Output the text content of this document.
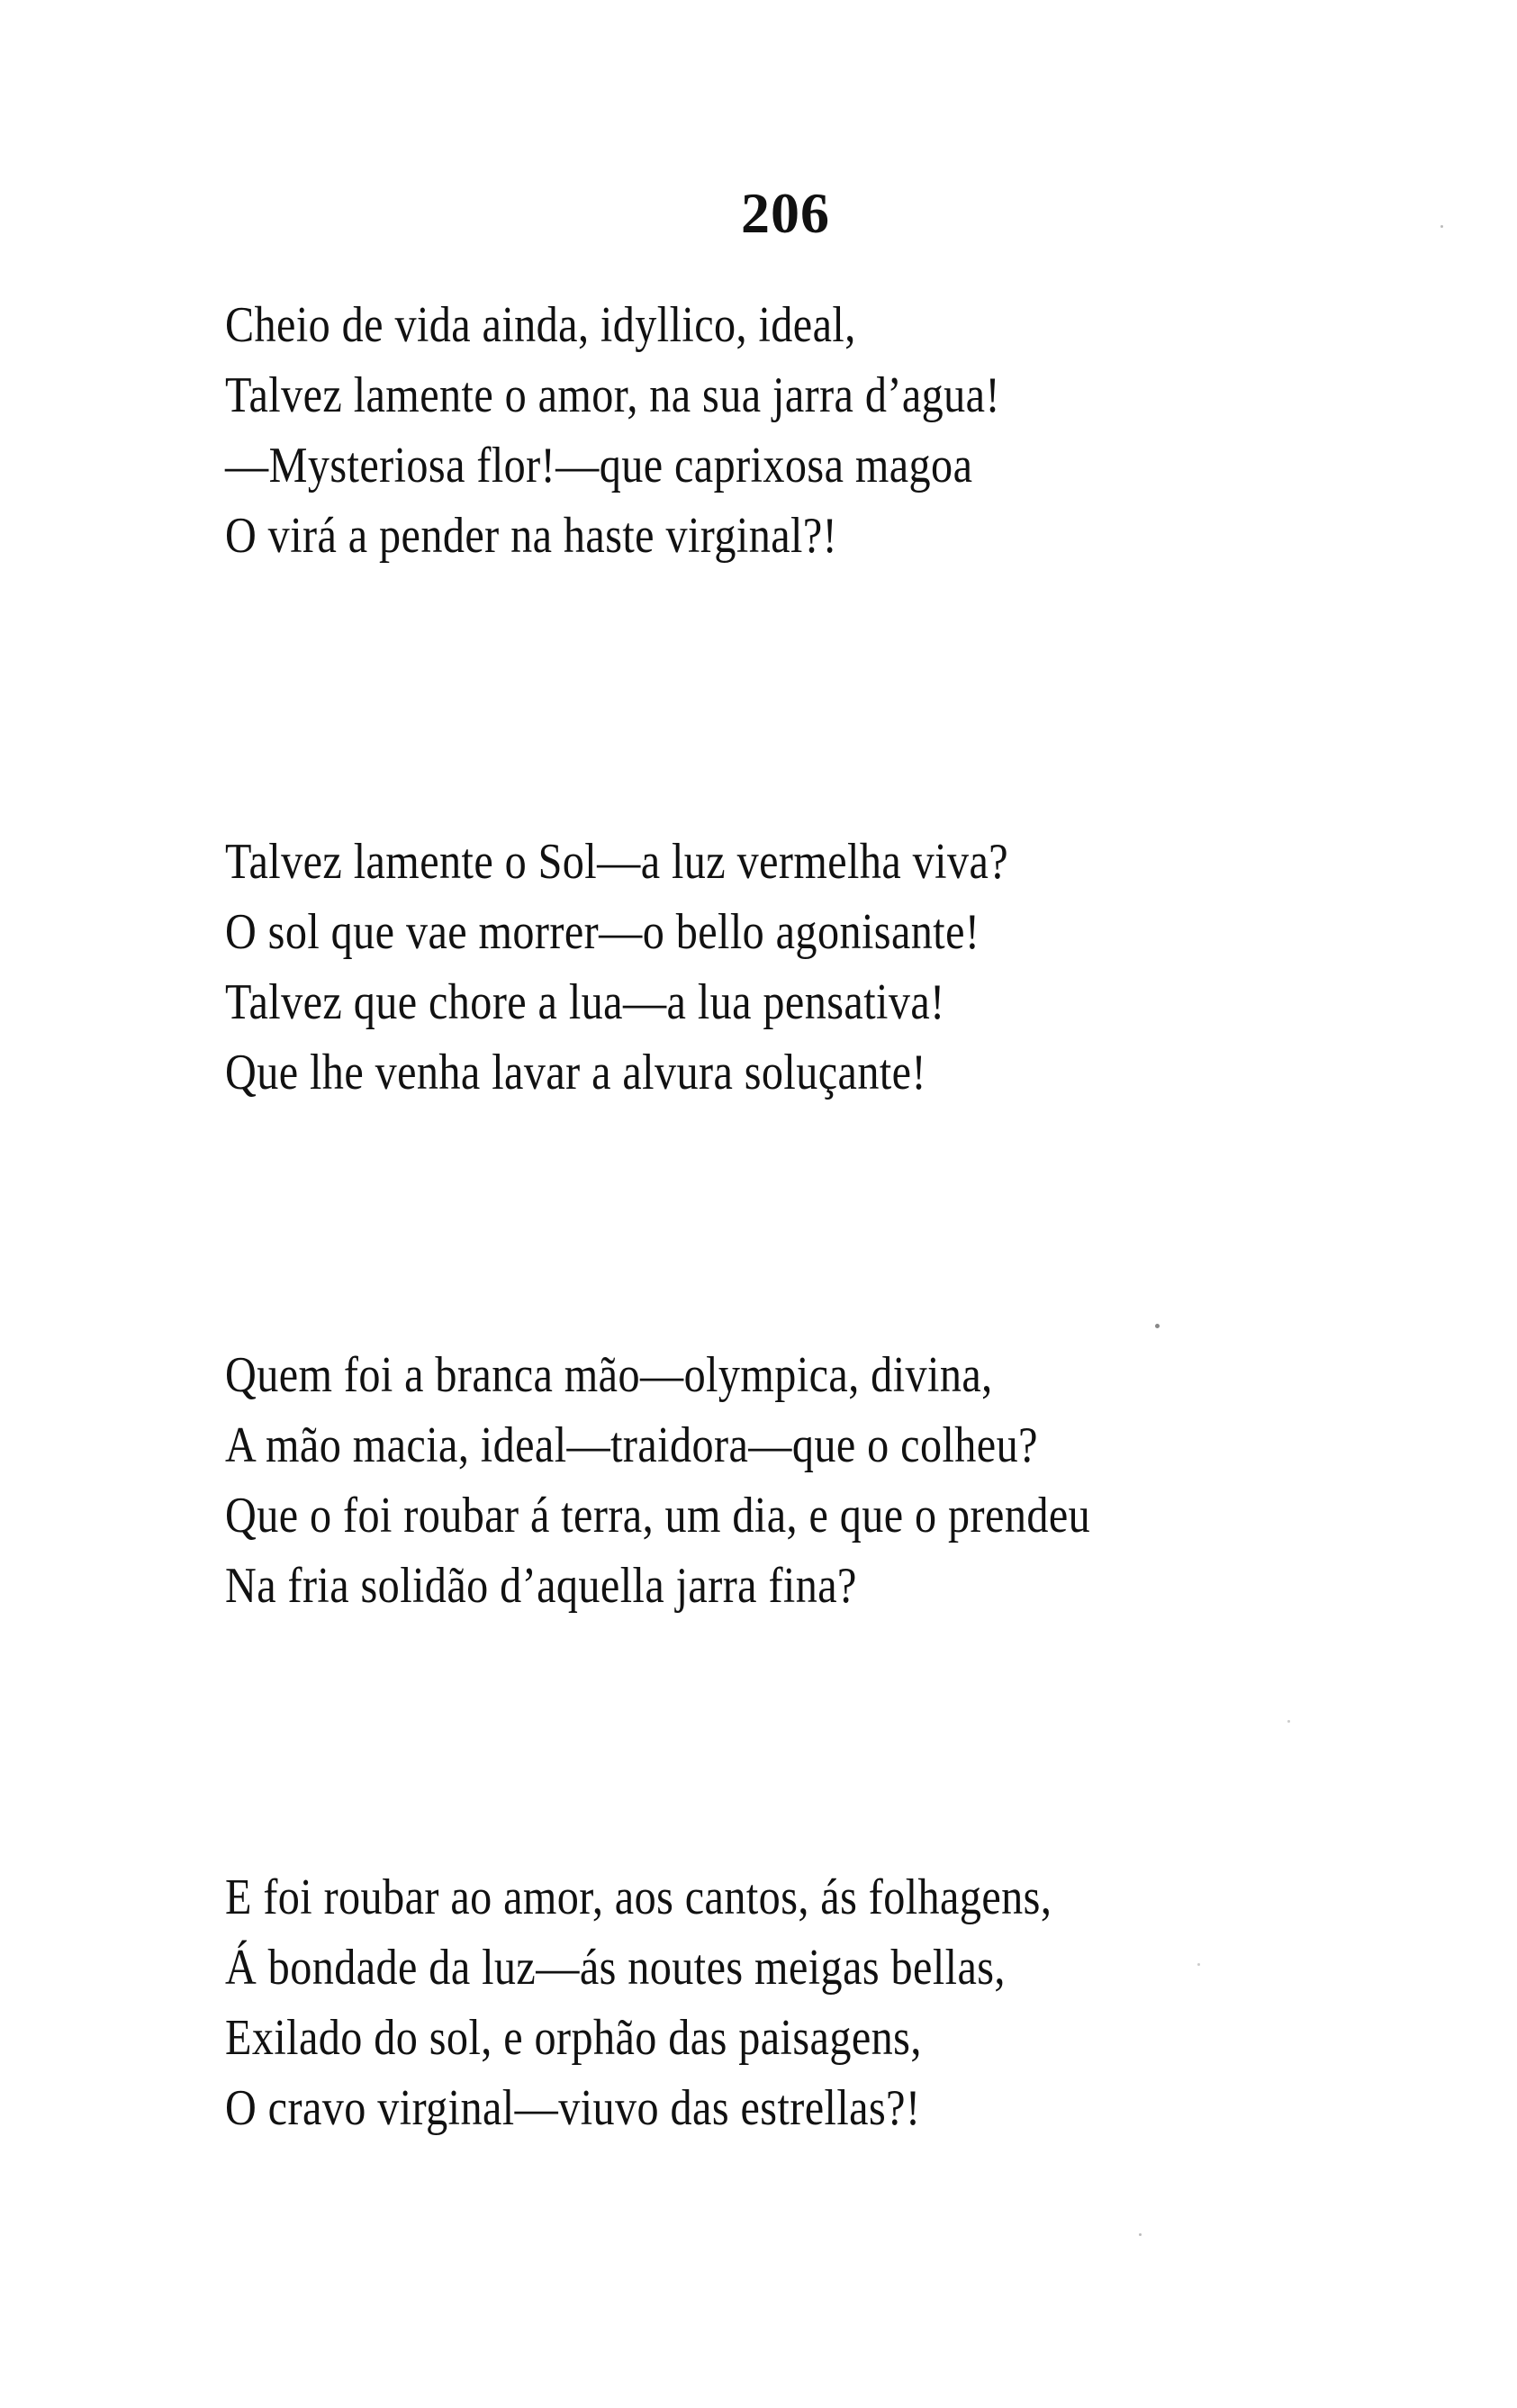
206
Cheio de vida ainda, idyllico, ideal,
Talvez lamente o amor, na sua jarra d’agua!
—Mysteriosa flor!—que caprixosa magoa
O virá a pender na haste virginal?!
Talvez lamente o Sol—a luz vermelha viva?
O sol que vae morrer—o bello agonisante!
Talvez que chore a lua—a lua pensativa!
Que lhe venha lavar a alvura soluçante!
Quem foi a branca mão—olympica, divina,
A mão macia, ideal—traidora—que o colheu?
Que o foi roubar á terra, um dia, e que o prendeu
Na fria solidão d’aquella jarra fina?
E foi roubar ao amor, aos cantos, ás folhagens,
Á bondade da luz—ás noutes meigas bellas,
Exilado do sol, e orphão das paisagens,
O cravo virginal—viuvo das estrellas?!
